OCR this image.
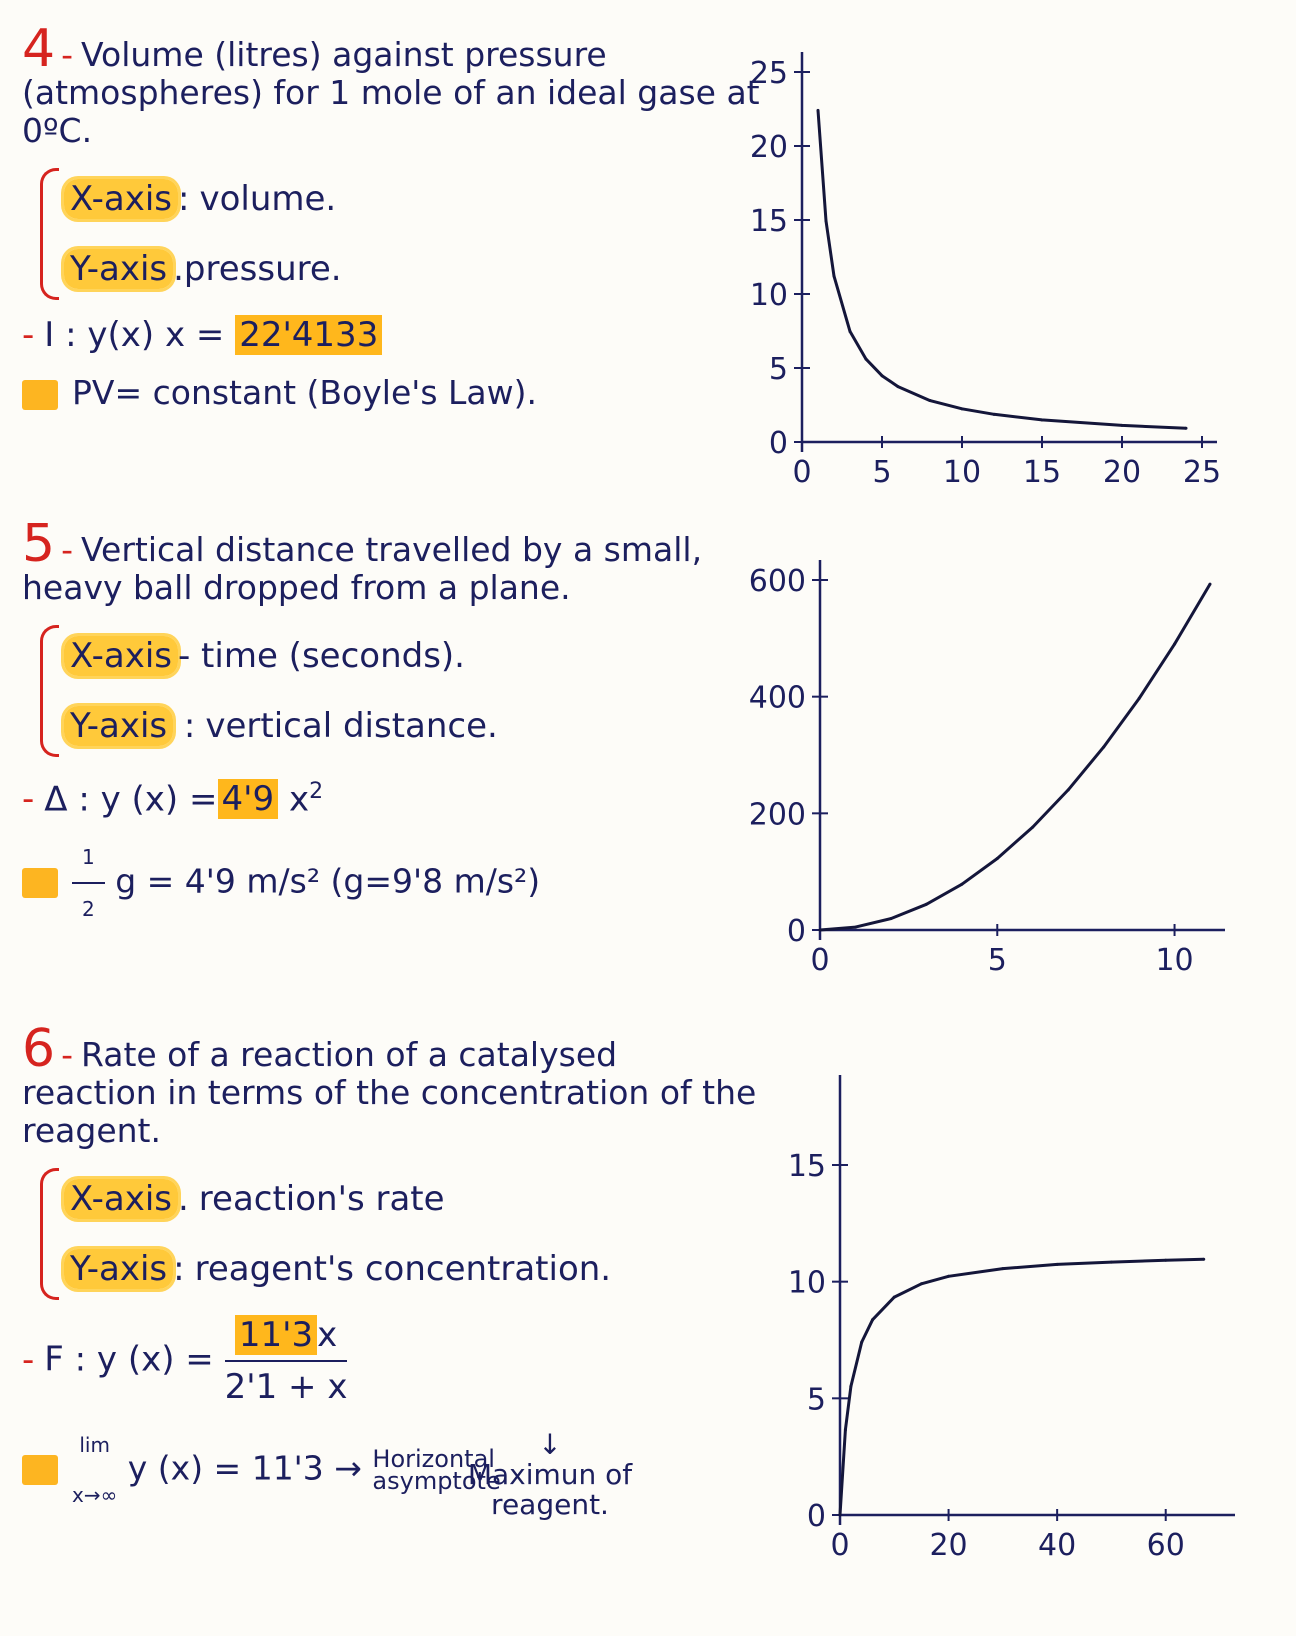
4 - Volume (litres) against pressure (atmospheres) for 1 mole of an ideal gase at 0ºC.

X-axis : volume.
Y-axis .pressure.
- I : y(x) x = 22'4133
PV= constant (Boyle's Law).
0 5 10 15 20 25
0
5
10
15
20
25

5 - Vertical distance travelled by a small, heavy ball dropped from a plane.

X-axis - time (seconds).
Y-axis : vertical distance.
- Δ : y (x) = 4'9 $x^2$
$\frac{1}{2}$ g = 4'9 m/s² (g=9'8 m/s²)
0	5	10
0
200
400
600

6 - Rate of a reaction of a catalysed reaction in terms of the concentration of the reagent.

X-axis . reaction's rate
Y-axis : reagent's concentration.
- F : y $(x) = \frac{11'3 x}{2'1 + x}$
lim
x→∞
y (x) = 11'3 → Horizontal asymptote
↓
Maximun of reagent.
0	20 40 60
0
5
10
15
